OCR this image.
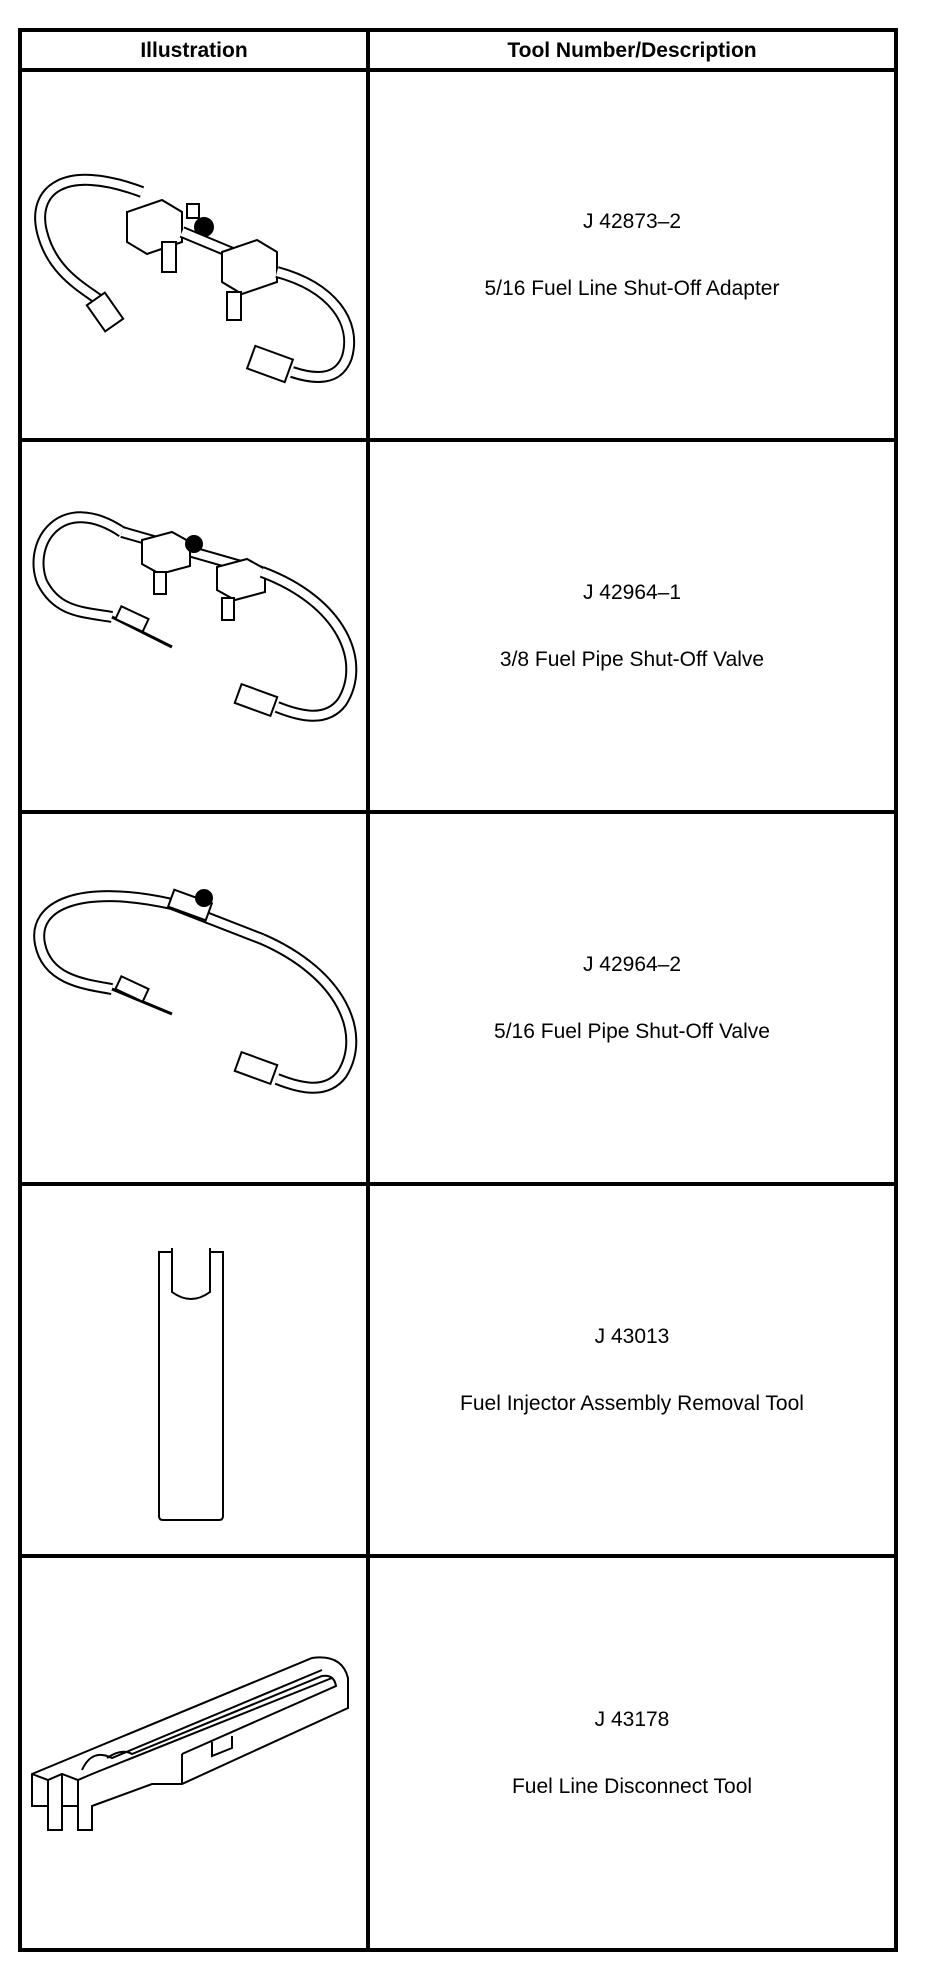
Illustration	Tool Number/Description
J 42873–2
5/16 Fuel Line Shut-Off Adapter
J 42964–1
3/8 Fuel Pipe Shut-Off Valve
J 42964–2
5/16 Fuel Pipe Shut-Off Valve
J 43013
Fuel Injector Assembly Removal Tool
J 43178
Fuel Line Disconnect Tool
